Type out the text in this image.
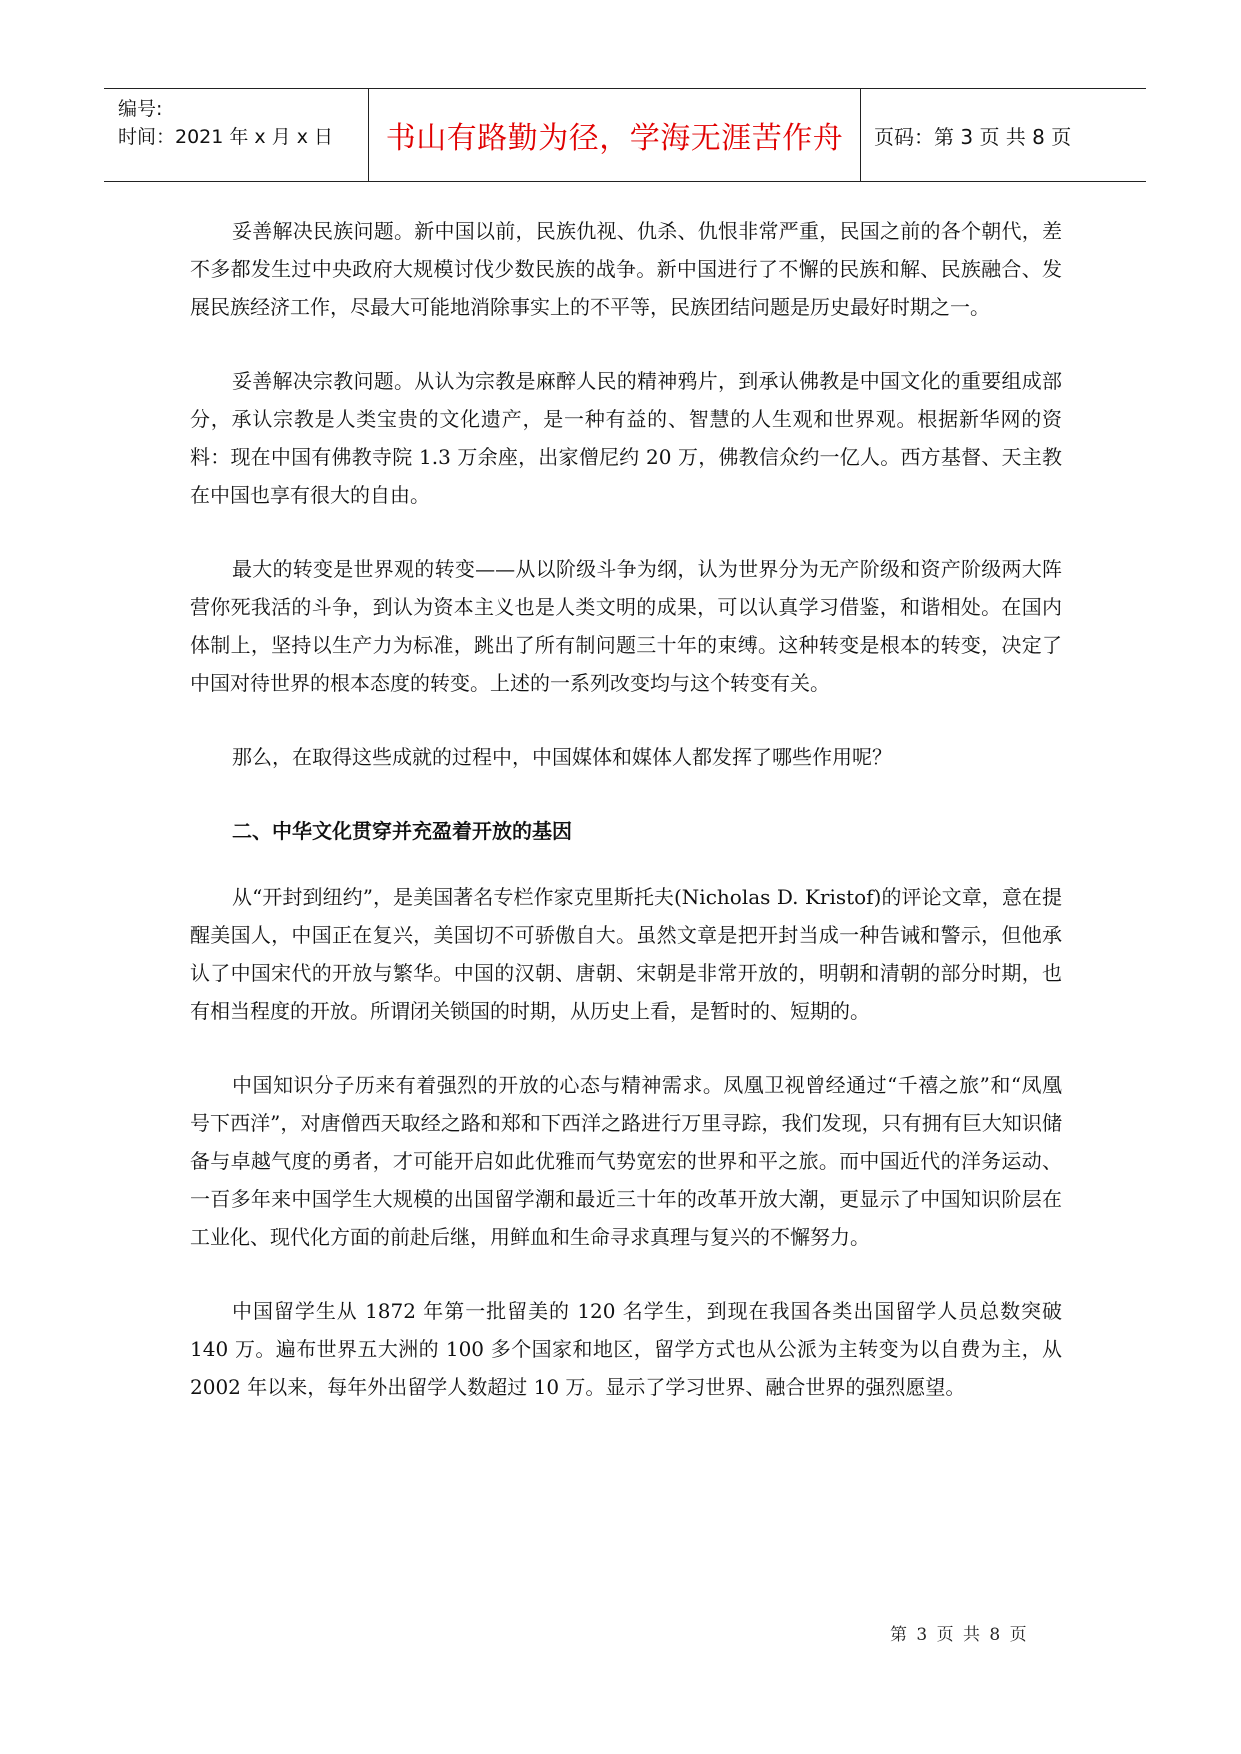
编号:
时间：2021 年 x 月 x 日	书山有路勤为径，学海无涯苦作舟	页码：第 3 页 共 8 页

妥善解决民族问题。新中国以前，民族仇视、仇杀、仇恨非常严重，民国之前的各个朝代，差不多都发生过中央政府大规模讨伐少数民族的战争。新中国进行了不懈的民族和解、民族融合、发展民族经济工作，尽最大可能地消除事实上的不平等，民族团结问题是历史最好时期之一。

妥善解决宗教问题。从认为宗教是麻醉人民的精神鸦片，到承认佛教是中国文化的重要组成部分，承认宗教是人类宝贵的文化遗产，是一种有益的、智慧的人生观和世界观。根据新华网的资料：现在中国有佛教寺院 1.3 万余座，出家僧尼约 20 万，佛教信众约一亿人。西方基督、天主教在中国也享有很大的自由。

最大的转变是世界观的转变——从以阶级斗争为纲，认为世界分为无产阶级和资产阶级两大阵营你死我活的斗争，到认为资本主义也是人类文明的成果，可以认真学习借鉴，和谐相处。在国内体制上，坚持以生产力为标准，跳出了所有制问题三十年的束缚。这种转变是根本的转变，决定了中国对待世界的根本态度的转变。上述的一系列改变均与这个转变有关。

那么，在取得这些成就的过程中，中国媒体和媒体人都发挥了哪些作用呢？

二、中华文化贯穿并充盈着开放的基因

从“开封到纽约”，是美国著名专栏作家克里斯托夫(Nicholas D. Kristof)的评论文章，意在提醒美国人，中国正在复兴，美国切不可骄傲自大。虽然文章是把开封当成一种告诫和警示，但他承认了中国宋代的开放与繁华。中国的汉朝、唐朝、宋朝是非常开放的，明朝和清朝的部分时期，也有相当程度的开放。所谓闭关锁国的时期，从历史上看，是暂时的、短期的。

中国知识分子历来有着强烈的开放的心态与精神需求。凤凰卫视曾经通过“千禧之旅”和“凤凰号下西洋”，对唐僧西天取经之路和郑和下西洋之路进行万里寻踪，我们发现，只有拥有巨大知识储备与卓越气度的勇者，才可能开启如此优雅而气势宽宏的世界和平之旅。而中国近代的洋务运动、一百多年来中国学生大规模的出国留学潮和最近三十年的改革开放大潮，更显示了中国知识阶层在工业化、现代化方面的前赴后继，用鲜血和生命寻求真理与复兴的不懈努力。

中国留学生从 1872 年第一批留美的 120 名学生，到现在我国各类出国留学人员总数突破 140 万。遍布世界五大洲的 100 多个国家和地区，留学方式也从公派为主转变为以自费为主，从 2002 年以来，每年外出留学人数超过 10 万。显示了学习世界、融合世界的强烈愿望。

第 3 页 共 8 页
